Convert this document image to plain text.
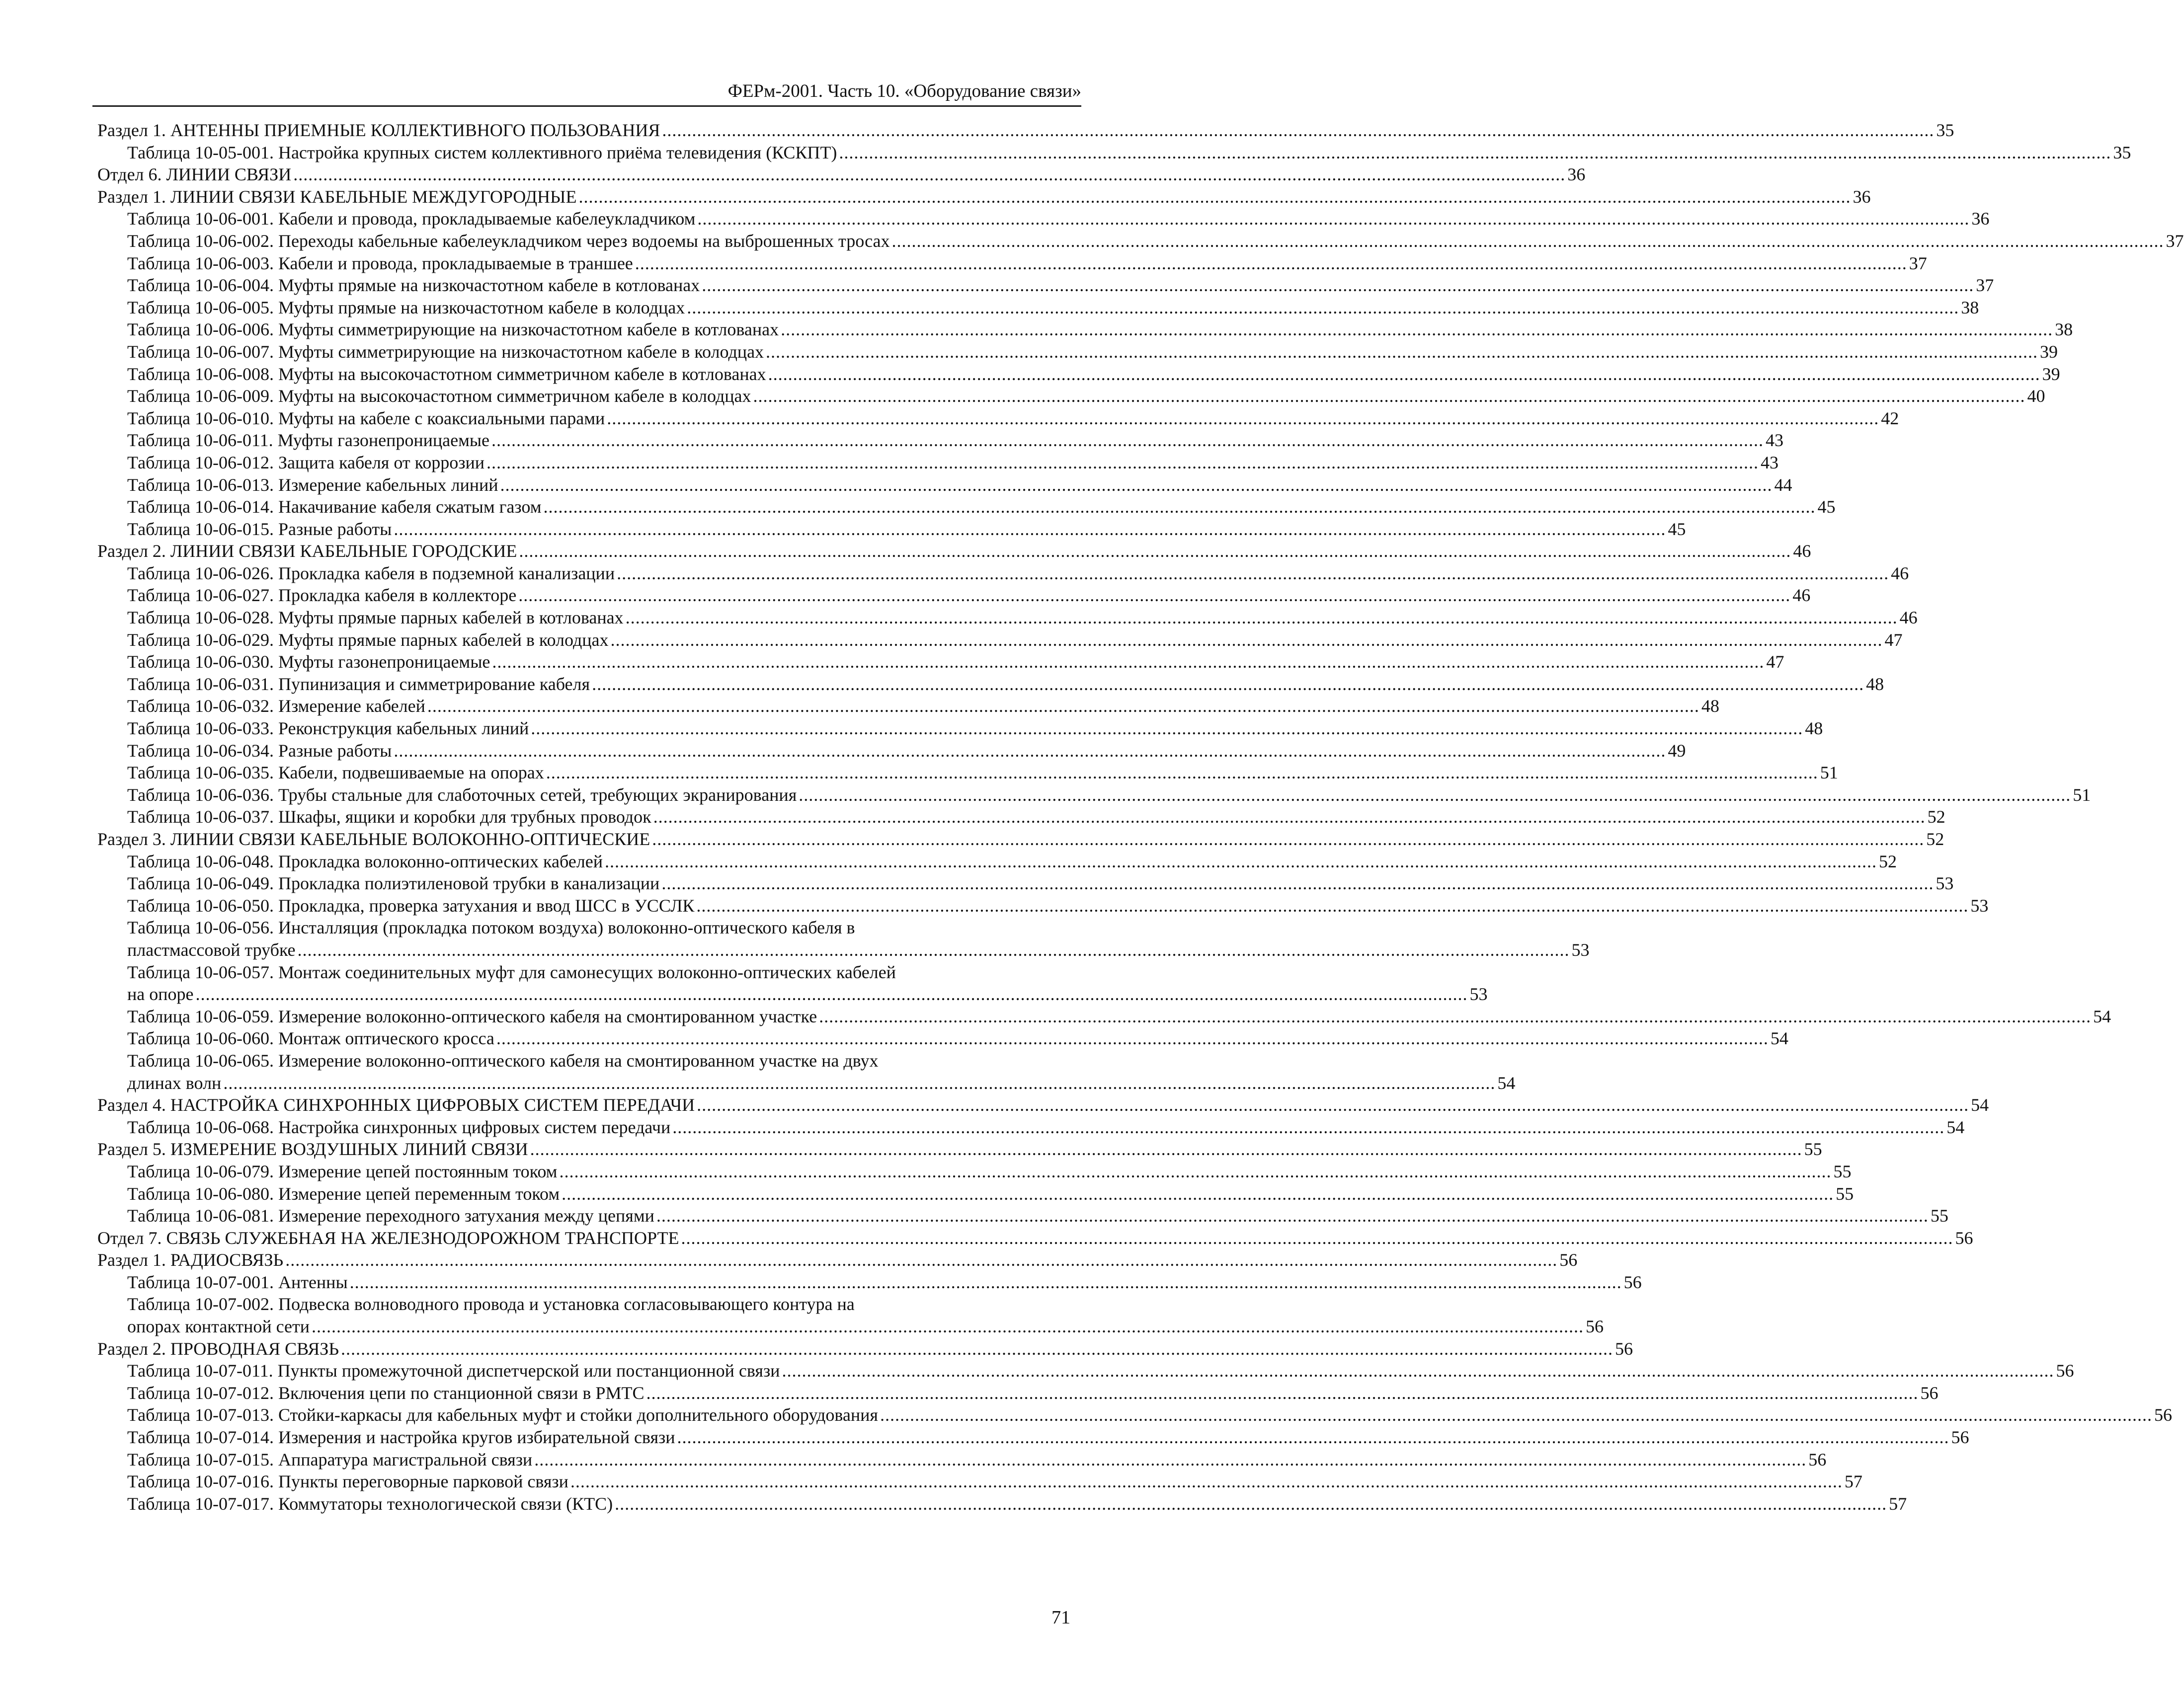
ФЕРм-2001. Часть 10. «Оборудование связи»
Раздел 1. АНТЕННЫ ПРИЕМНЫЕ КОЛЛЕКТИВНОГО ПОЛЬЗОВАНИЯ .....	35
Таблица 10-05-001. Настройка крупных систем коллективного приёма телевидения (КСКПТ) .....	35
Отдел 6. ЛИНИИ СВЯЗИ .....	36
Раздел 1. ЛИНИИ СВЯЗИ КАБЕЛЬНЫЕ МЕЖДУГОРОДНЫЕ .....	36
Таблица 10-06-001. Кабели и провода, прокладываемые кабелеукладчиком .....	36
Таблица 10-06-002. Переходы кабельные кабелеукладчиком через водоемы на выброшенных тросах .....	37
Таблица 10-06-003. Кабели и провода, прокладываемые в траншее .....	37
Таблица 10-06-004. Муфты прямые на низкочастотном кабеле в котлованах .....	37
Таблица 10-06-005. Муфты прямые на низкочастотном кабеле в колодцах .....	38
Таблица 10-06-006. Муфты симметрирующие на низкочастотном кабеле в котлованах .....	38
Таблица 10-06-007. Муфты симметрирующие на низкочастотном кабеле в колодцах .....	39
Таблица 10-06-008. Муфты на высокочастотном симметричном кабеле в котлованах .....	39
Таблица 10-06-009. Муфты на высокочастотном симметричном кабеле в колодцах .....	40
Таблица 10-06-010. Муфты на кабеле с коаксиальными парами .....	42
Таблица 10-06-011. Муфты газонепроницаемые .....	43
Таблица 10-06-012. Защита кабеля от коррозии .....	43
Таблица 10-06-013. Измерение кабельных линий .....	44
Таблица 10-06-014. Накачивание кабеля сжатым газом .....	45
Таблица 10-06-015. Разные работы .....	45
Раздел 2. ЛИНИИ СВЯЗИ КАБЕЛЬНЫЕ ГОРОДСКИЕ .....	46
Таблица 10-06-026. Прокладка кабеля в подземной канализации .....	46
Таблица 10-06-027. Прокладка кабеля в коллекторе .....	46
Таблица 10-06-028. Муфты прямые парных кабелей в котлованах .....	46
Таблица 10-06-029. Муфты прямые парных кабелей в колодцах .....	47
Таблица 10-06-030. Муфты газонепроницаемые .....	47
Таблица 10-06-031. Пупинизация и симметрирование кабеля .....	48
Таблица 10-06-032. Измерение кабелей .....	48
Таблица 10-06-033. Реконструкция кабельных линий .....	48
Таблица 10-06-034. Разные работы .....	49
Таблица 10-06-035. Кабели, подвешиваемые на опорах .....	51
Таблица 10-06-036. Трубы стальные для слаботочных сетей, требующих экранирования .....	51
Таблица 10-06-037. Шкафы, ящики и коробки для трубных проводок .....	52
Раздел 3. ЛИНИИ СВЯЗИ КАБЕЛЬНЫЕ ВОЛОКОННО-ОПТИЧЕСКИЕ .....	52
Таблица 10-06-048. Прокладка волоконно-оптических кабелей .....	52
Таблица 10-06-049. Прокладка полиэтиленовой трубки в канализации .....	53
Таблица 10-06-050. Прокладка, проверка затухания и ввод ШСС в УССЛК .....	53
Таблица 10-06-056. Инсталляция (прокладка потоком воздуха) волоконно-оптического кабеля в
пластмассовой трубке .....	53
Таблица 10-06-057. Монтаж соединительных муфт для самонесущих волоконно-оптических кабелей
на опоре .....	53
Таблица 10-06-059. Измерение волоконно-оптического кабеля на смонтированном участке .....	54
Таблица 10-06-060. Монтаж оптического кросса .....	54
Таблица 10-06-065. Измерение волоконно-оптического кабеля на смонтированном участке на двух
длинах волн .....	54
Раздел 4. НАСТРОЙКА СИНХРОННЫХ ЦИФРОВЫХ СИСТЕМ ПЕРЕДАЧИ .....	54
Таблица 10-06-068. Настройка синхронных цифровых систем передачи .....	54
Раздел 5. ИЗМЕРЕНИЕ ВОЗДУШНЫХ ЛИНИЙ СВЯЗИ .....	55
Таблица 10-06-079. Измерение цепей постоянным током .....	55
Таблица 10-06-080. Измерение цепей переменным током .....	55
Таблица 10-06-081. Измерение переходного затухания между цепями .....	55
Отдел 7. СВЯЗЬ СЛУЖЕБНАЯ НА ЖЕЛЕЗНОДОРОЖНОМ ТРАНСПОРТЕ .....	56
Раздел 1. РАДИОСВЯЗЬ .....	56
Таблица 10-07-001. Антенны .....	56
Таблица 10-07-002. Подвеска волноводного провода и установка согласовывающего контура на
опорах контактной сети .....	56
Раздел 2. ПРОВОДНАЯ СВЯЗЬ .....	56
Таблица 10-07-011. Пункты промежуточной диспетчерской или постанционной связи .....	56
Таблица 10-07-012. Включения цепи по станционной связи в РМТС .....	56
Таблица 10-07-013. Стойки-каркасы для кабельных муфт и стойки дополнительного оборудования .....	56
Таблица 10-07-014. Измерения и настройка кругов избирательной связи .....	56
Таблица 10-07-015. Аппаратура магистральной связи .....	56
Таблица 10-07-016. Пункты переговорные парковой связи .....	57
Таблица 10-07-017. Коммутаторы технологической связи (КТС) .....	57
71
